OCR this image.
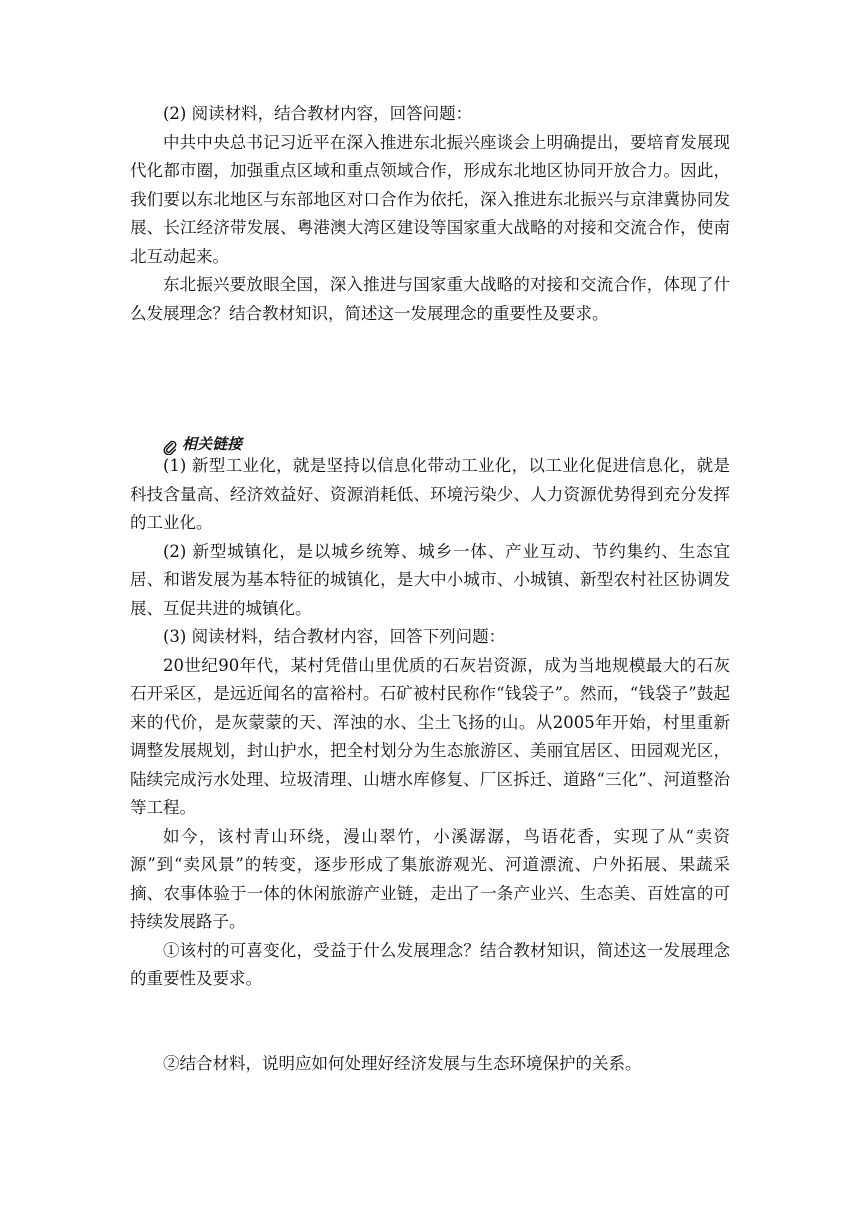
(2) 阅读材料，结合教材内容，回答问题：

中共中央总书记习近平在深入推进东北振兴座谈会上明确提出，要培育发展现代化都市圈，加强重点区域和重点领域合作，形成东北地区协同开放合力。因此，我们要以东北地区与东部地区对口合作为依托，深入推进东北振兴与京津冀协同发展、长江经济带发展、粤港澳大湾区建设等国家重大战略的对接和交流合作，使南北互动起来。

东北振兴要放眼全国，深入推进与国家重大战略的对接和交流合作，体现了什么发展理念？结合教材知识，简述这一发展理念的重要性及要求。

相关链接

(1) 新型工业化，就是坚持以信息化带动工业化，以工业化促进信息化，就是科技含量高、经济效益好、资源消耗低、环境污染少、人力资源优势得到充分发挥的工业化。

(2) 新型城镇化，是以城乡统筹、城乡一体、产业互动、节约集约、生态宜居、和谐发展为基本特征的城镇化，是大中小城市、小城镇、新型农村社区协调发展、互促共进的城镇化。

(3) 阅读材料，结合教材内容，回答下列问题：

20世纪90年代，某村凭借山里优质的石灰岩资源，成为当地规模最大的石灰石开采区，是远近闻名的富裕村。石矿被村民称作“钱袋子”。然而，“钱袋子”鼓起来的代价，是灰蒙蒙的天、浑浊的水、尘土飞扬的山。从2005年开始，村里重新调整发展规划，封山护水，把全村划分为生态旅游区、美丽宜居区、田园观光区，陆续完成污水处理、垃圾清理、山塘水库修复、厂区拆迁、道路“三化”、河道整治等工程。

如今，该村青山环绕，漫山翠竹，小溪潺潺，鸟语花香，实现了从“卖资源”到“卖风景”的转变，逐步形成了集旅游观光、河道漂流、户外拓展、果蔬采摘、农事体验于一体的休闲旅游产业链，走出了一条产业兴、生态美、百姓富的可持续发展路子。

①该村的可喜变化，受益于什么发展理念？结合教材知识，简述这一发展理念的重要性及要求。

②结合材料，说明应如何处理好经济发展与生态环境保护的关系。
